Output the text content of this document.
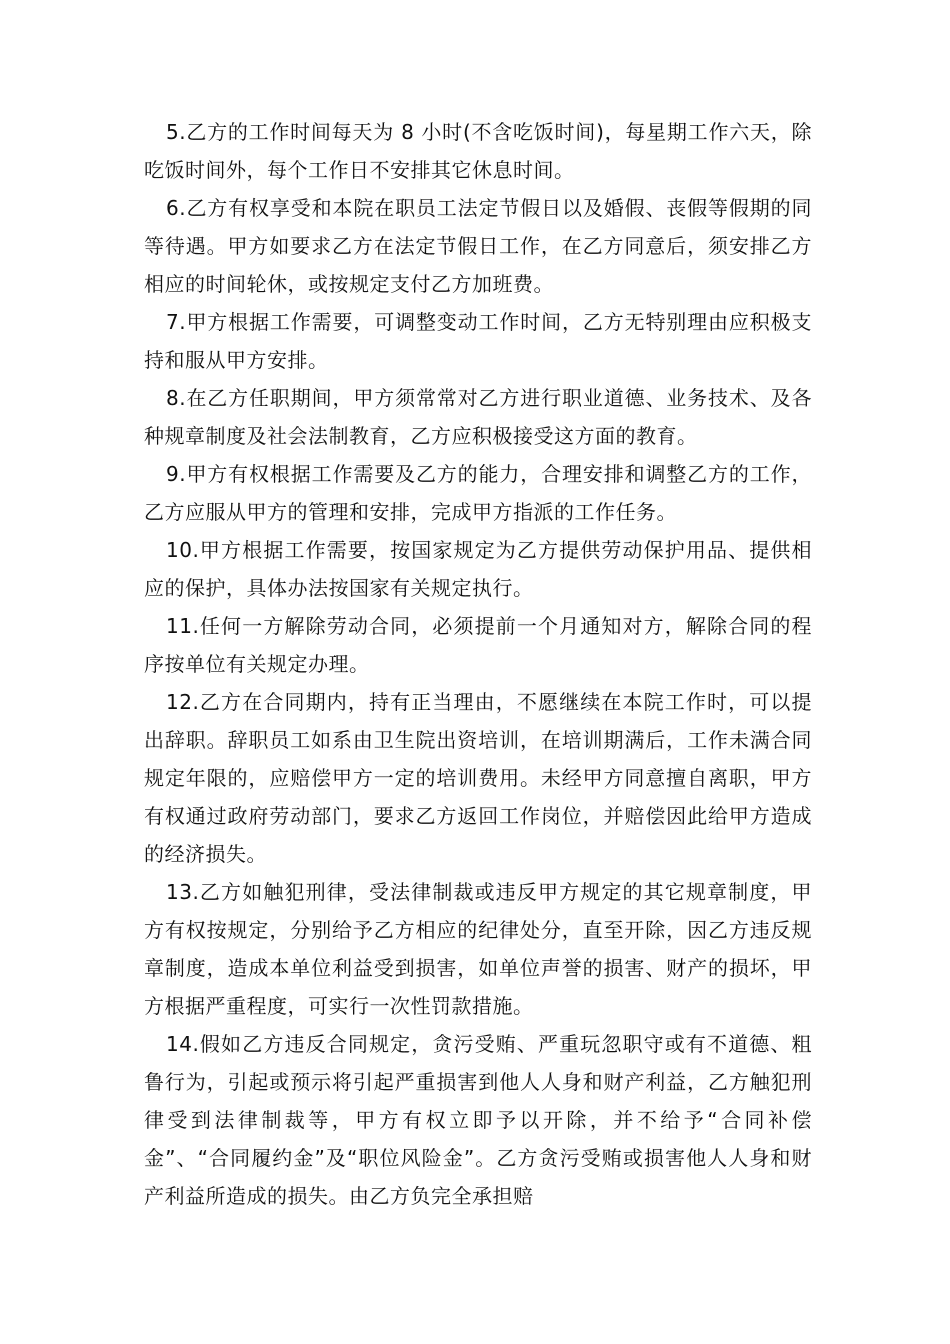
5.乙方的工作时间每天为 8 小时(不含吃饭时间)，每星期工作六天，除吃饭时间外，每个工作日不安排其它休息时间。

6.乙方有权享受和本院在职员工法定节假日以及婚假、丧假等假期的同等待遇。甲方如要求乙方在法定节假日工作，在乙方同意后，须安排乙方相应的时间轮休，或按规定支付乙方加班费。

7.甲方根据工作需要，可调整变动工作时间，乙方无特别理由应积极支持和服从甲方安排。

8.在乙方任职期间，甲方须常常对乙方进行职业道德、业务技术、及各种规章制度及社会法制教育，乙方应积极接受这方面的教育。

9.甲方有权根据工作需要及乙方的能力，合理安排和调整乙方的工作，乙方应服从甲方的管理和安排，完成甲方指派的工作任务。

10.甲方根据工作需要，按国家规定为乙方提供劳动保护用品、提供相应的保护，具体办法按国家有关规定执行。

11.任何一方解除劳动合同，必须提前一个月通知对方，解除合同的程序按单位有关规定办理。

12.乙方在合同期内，持有正当理由，不愿继续在本院工作时，可以提出辞职。辞职员工如系由卫生院出资培训，在培训期满后，工作未满合同规定年限的，应赔偿甲方一定的培训费用。未经甲方同意擅自离职，甲方有权通过政府劳动部门，要求乙方返回工作岗位，并赔偿因此给甲方造成的经济损失。

13.乙方如触犯刑律，受法律制裁或违反甲方规定的其它规章制度，甲方有权按规定，分别给予乙方相应的纪律处分，直至开除，因乙方违反规章制度，造成本单位利益受到损害，如单位声誉的损害、财产的损坏，甲方根据严重程度，可实行一次性罚款措施。

14.假如乙方违反合同规定，贪污受贿、严重玩忽职守或有不道德、粗鲁行为，引起或预示将引起严重损害到他人人身和财产利益，乙方触犯刑律受到法律制裁等，甲方有权立即予以开除，并不给予“合同补偿金”、“合同履约金”及“职位风险金”。乙方贪污受贿或损害他人人身和财产利益所造成的损失。由乙方负完全承担赔
